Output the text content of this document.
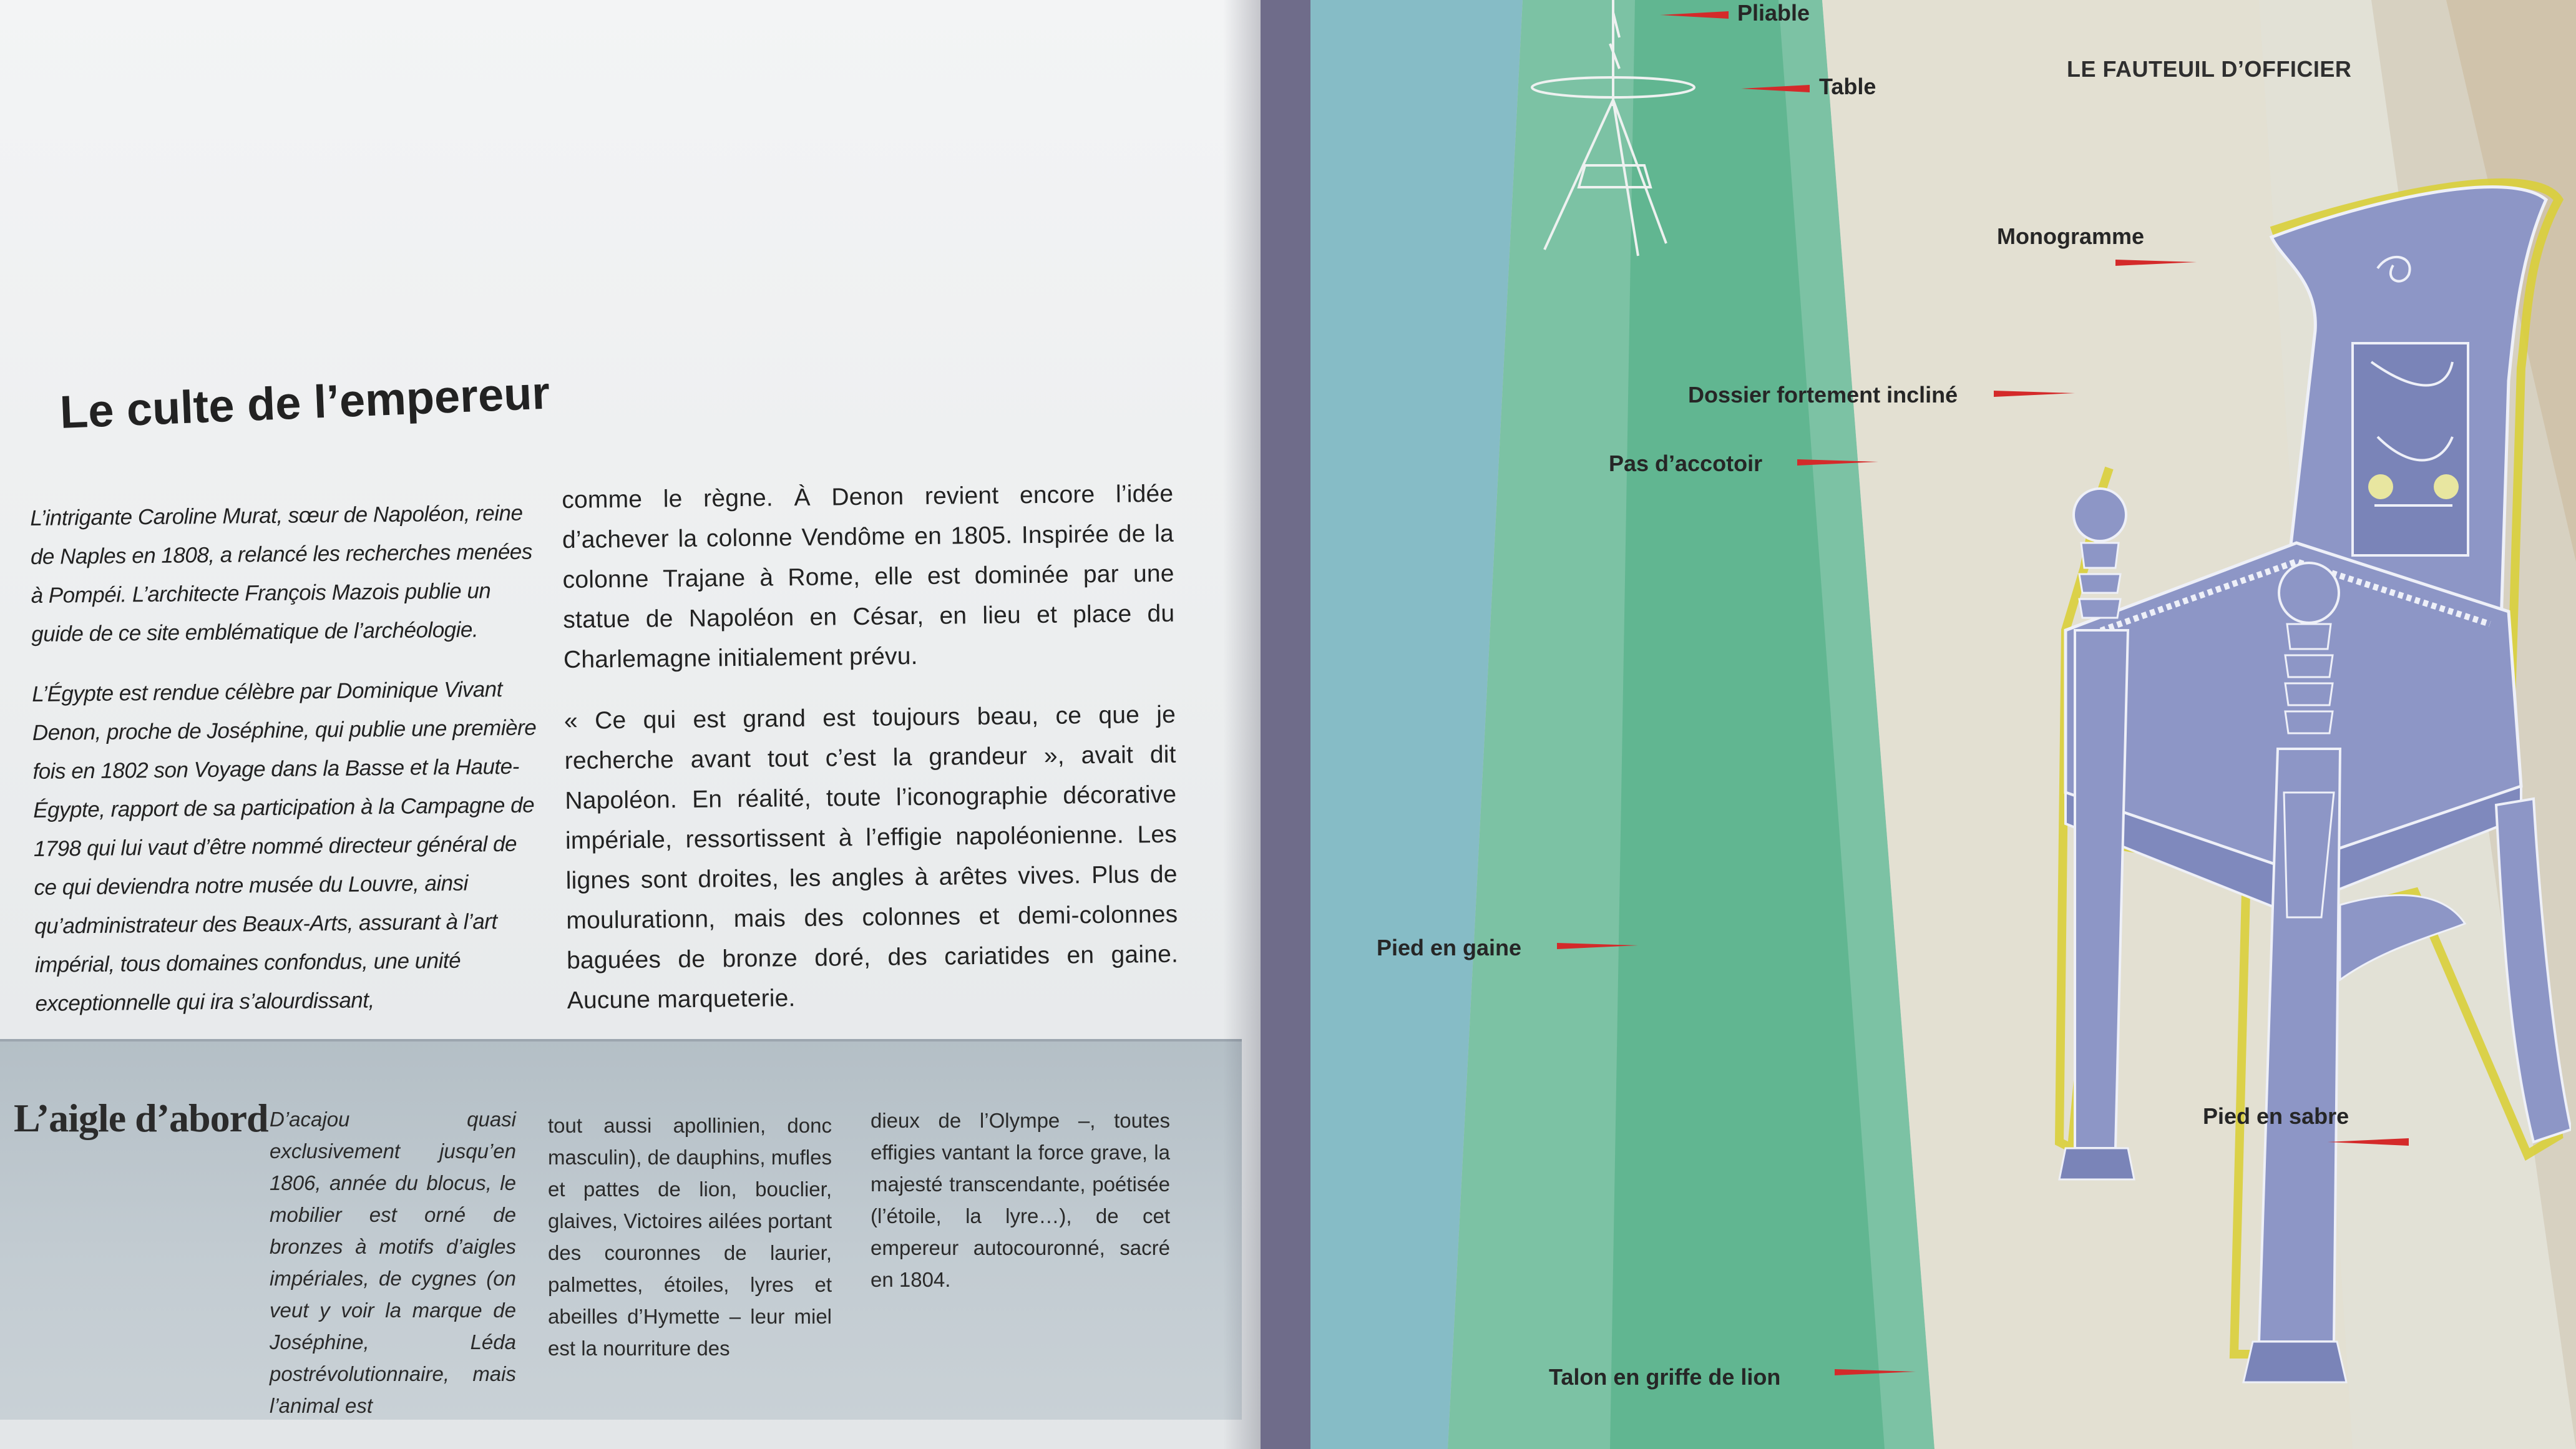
Le culte de l’empereur

L’intrigante Caroline Murat, sœur de Napoléon, reine de Naples en 1808, a relancé les recherches menées à Pompéi. L’architecte François Mazois publie un guide de ce site emblématique de l’archéologie.

L’Égypte est rendue célèbre par Dominique Vivant Denon, proche de Joséphine, qui publie une première fois en 1802 son Voyage dans la Basse et la Haute-Égypte, rapport de sa participation à la Campagne de 1798 qui lui vaut d’être nommé directeur général de ce qui deviendra notre musée du Louvre, ainsi qu’administrateur des Beaux-Arts, assurant à l’art impérial, tous domaines confondus, une unité exceptionnelle qui ira s’alourdissant,

comme le règne. À Denon revient encore l’idée d’achever la colonne Vendôme en 1805. Inspirée de la colonne Trajane à Rome, elle est dominée par une statue de Napoléon en César, en lieu et place du Charlemagne initialement prévu.

« Ce qui est grand est toujours beau, ce que je recherche avant tout c’est la grandeur », avait dit Napoléon. En réalité, toute l’iconographie décorative impériale, ressortissent à l’effigie napoléonienne. Les lignes sont droites, les angles à arêtes vives. Plus de moulurationn, mais des colonnes et demi-colonnes baguées de bronze doré, des cariatides en gaine. Aucune marqueterie.

L’aigle d’abord D’acajou quasi exclusivement jusqu’en 1806, année du blocus, le mobilier est orné de bronzes à motifs d’aigles impériales, de cygnes (on veut y voir la marque de Joséphine, Léda postrévolutionnaire, mais l’animal est

tout aussi apollinien, donc masculin), de dauphins, mufles et pattes de lion, bouclier, glaives, Victoires ailées portant des couronnes de laurier, palmettes, étoiles, lyres et abeilles d’Hymette – leur miel est la nourriture des

dieux de l’Olympe –, toutes effigies vantant la force grave, la majesté transcendante, poétisée (l’étoile, la lyre…), de cet empereur autocouronné, sacré en 1804.

LE FAUTEUIL D’OFFICIER
Pliable
Table
Monogramme
Dossier fortement incliné
Pas d’accotoir
Pied en gaine
Pied en sabre
Talon en griffe de lion
